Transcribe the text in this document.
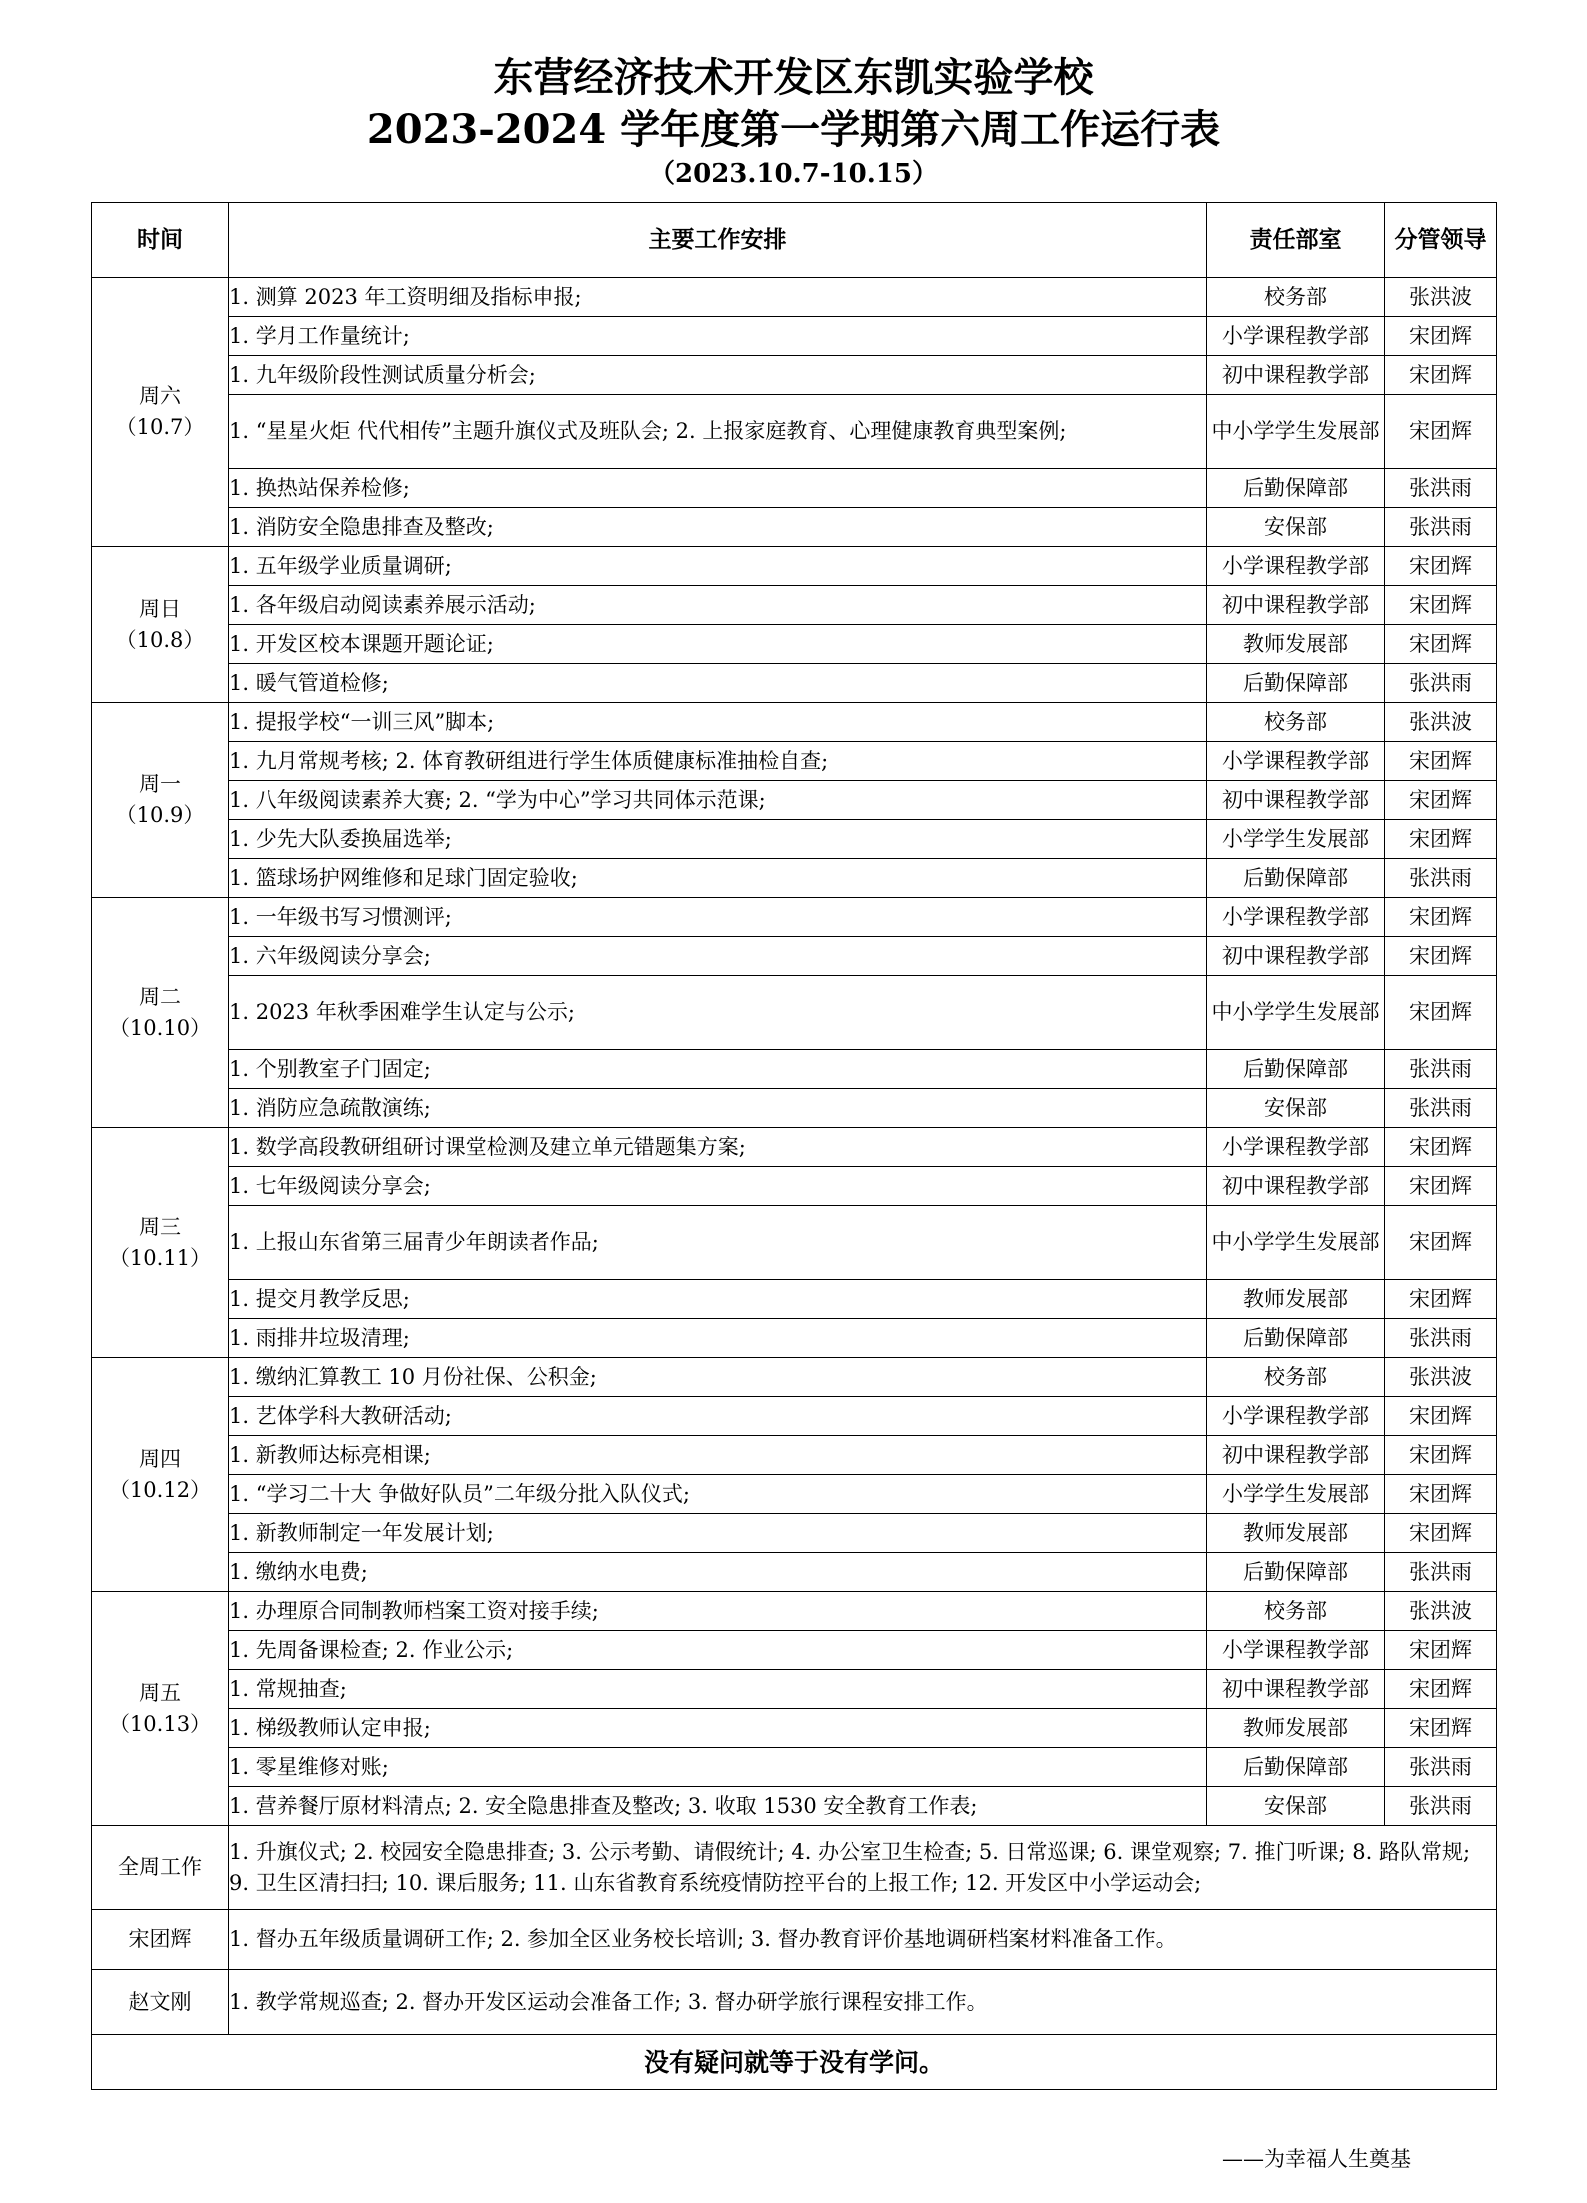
东营经济技术开发区东凯实验学校
2023-2024 学年度第一学期第六周工作运行表
（2023.10.7-10.15）
时间	主要工作安排	责任部室	分管领导

周六
（10.7）	1. 测算 2023 年工资明细及指标申报;	校务部	张洪波
	1. 学月工作量统计;	小学课程教学部	宋团辉
	1. 九年级阶段性测试质量分析会;	初中课程教学部	宋团辉
	1. “星星火炬 代代相传”主题升旗仪式及班队会; 2. 上报家庭教育、心理健康教育典型案例;	中小学学生发展部	宋团辉
	1. 换热站保养检修;	后勤保障部	张洪雨
	1. 消防安全隐患排查及整改;	安保部	张洪雨

周日
（10.8）	1. 五年级学业质量调研;	小学课程教学部	宋团辉
	1. 各年级启动阅读素养展示活动;	初中课程教学部	宋团辉
	1. 开发区校本课题开题论证;	教师发展部	宋团辉
	1. 暖气管道检修;	后勤保障部	张洪雨

周一
（10.9）	1. 提报学校“一训三风”脚本;	校务部	张洪波
	1. 九月常规考核; 2. 体育教研组进行学生体质健康标准抽检自查;	小学课程教学部	宋团辉
	1. 八年级阅读素养大赛; 2. “学为中心”学习共同体示范课;	初中课程教学部	宋团辉
	1. 少先大队委换届选举;	小学学生发展部	宋团辉
	1. 篮球场护网维修和足球门固定验收;	后勤保障部	张洪雨

周二
（10.10）	1. 一年级书写习惯测评;	小学课程教学部	宋团辉
	1. 六年级阅读分享会;	初中课程教学部	宋团辉
	1. 2023 年秋季困难学生认定与公示;	中小学学生发展部	宋团辉
	1. 个别教室子门固定;	后勤保障部	张洪雨
	1. 消防应急疏散演练;	安保部	张洪雨

周三
（10.11）	1. 数学高段教研组研讨课堂检测及建立单元错题集方案;	小学课程教学部	宋团辉
	1. 七年级阅读分享会;	初中课程教学部	宋团辉
	1. 上报山东省第三届青少年朗读者作品;	中小学学生发展部	宋团辉
	1. 提交月教学反思;	教师发展部	宋团辉
	1. 雨排井垃圾清理;	后勤保障部	张洪雨

周四
（10.12）	1. 缴纳汇算教工 10 月份社保、公积金;	校务部	张洪波
	1. 艺体学科大教研活动;	小学课程教学部	宋团辉
	1. 新教师达标亮相课;	初中课程教学部	宋团辉
	1. “学习二十大 争做好队员”二年级分批入队仪式;	小学学生发展部	宋团辉
	1. 新教师制定一年发展计划;	教师发展部	宋团辉
	1. 缴纳水电费;	后勤保障部	张洪雨

周五
（10.13）	1. 办理原合同制教师档案工资对接手续;	校务部	张洪波
	1. 先周备课检查; 2. 作业公示;	小学课程教学部	宋团辉
	1. 常规抽查;	初中课程教学部	宋团辉
	1. 梯级教师认定申报;	教师发展部	宋团辉
	1. 零星维修对账;	后勤保障部	张洪雨
	1. 营养餐厅原材料清点; 2. 安全隐患排查及整改; 3. 收取 1530 安全教育工作表;	安保部	张洪雨
全周工作	1. 升旗仪式; 2. 校园安全隐患排查; 3. 公示考勤、请假统计; 4. 办公室卫生检查; 5. 日常巡课; 6. 课堂观察; 7. 推门听课; 8. 路队常规; 9. 卫生区清扫扫; 10. 课后服务; 11. 山东省教育系统疫情防控平台的上报工作; 12. 开发区中小学运动会;		
宋团辉	1. 督办五年级质量调研工作; 2. 参加全区业务校长培训; 3. 督办教育评价基地调研档案材料准备工作。		
赵文刚	1. 教学常规巡查; 2. 督办开发区运动会准备工作; 3. 督办研学旅行课程安排工作。		
没有疑问就等于没有学问。			
——为幸福人生奠基
